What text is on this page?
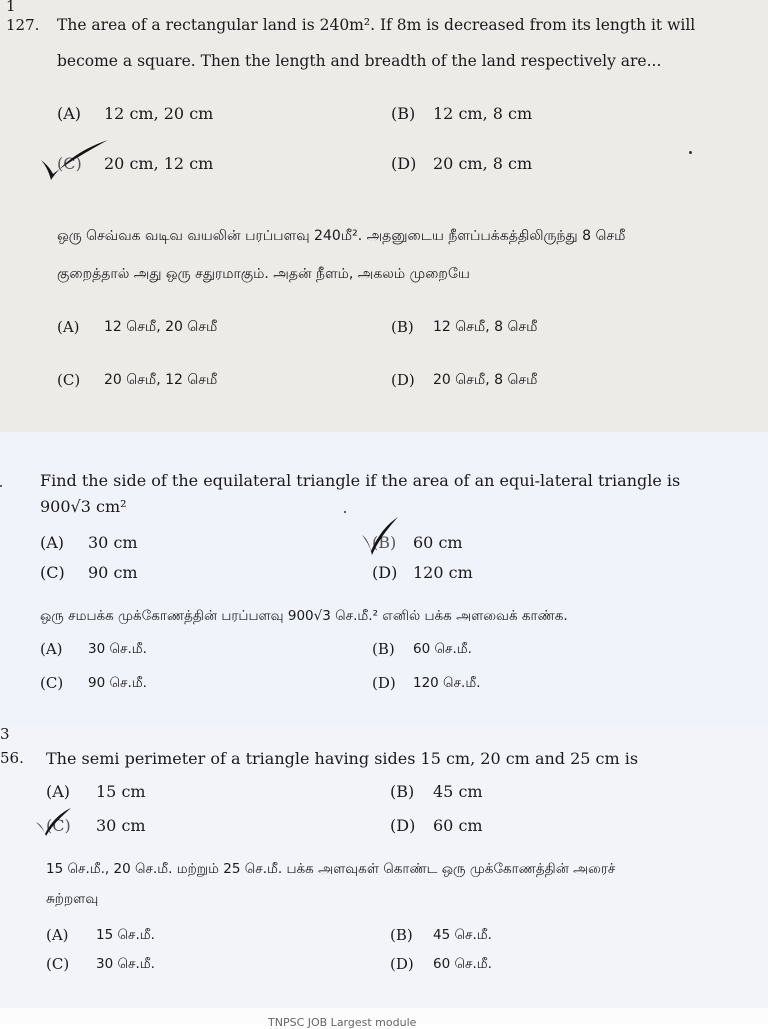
1
127. The area of a rectangular land is 240m². If 8m is decreased from its length it will
become a square. Then the length and breadth of the land respectively are...
(A) 12 cm, 20 cm	(B) 12 cm, 8 cm
(C) 20 cm, 12 cm	(D) 20 cm, 8 cm
ஒரு செவ்வக வடிவ வயலின் பரப்பளவு 240மீ². அதனுடைய நீளப்பக்கத்திலிருந்து 8 செமீ
குறைத்தால் அது ஒரு சதுரமாகும். அதன் நீளம், அகலம் முறையே
(A) 12 செமீ, 20 செமீ	(B) 12 செமீ, 8 செமீ
(C) 20 செமீ, 12 செமீ	(D) 20 செமீ, 8 செமீ
Find the side of the equilateral triangle if the area of an equi-lateral triangle is
900√3 cm²
(A) 30 cm	(B) 60 cm
(C) 90 cm	(D) 120 cm
ஒரு சமபக்க முக்கோணத்தின் பரப்பளவு 900√3 செ.மீ.² எனில் பக்க அளவைக் காண்க.
(A) 30 செ.மீ.	(B) 60 செ.மீ.
(C) 90 செ.மீ.	(D) 120 செ.மீ.
3
56. The semi perimeter of a triangle having sides 15 cm, 20 cm and 25 cm is
(A) 15 cm	(B) 45 cm
(C) 30 cm	(D) 60 cm
15 செ.மீ., 20 செ.மீ. மற்றும் 25 செ.மீ. பக்க அளவுகள் கொண்ட ஒரு முக்கோணத்தின் அரைச்
சுற்றளவு
(A) 15 செ.மீ.	(B) 45 செ.மீ.
(C) 30 செ.மீ.	(D) 60 செ.மீ.
TNPSC JOB Largest module
